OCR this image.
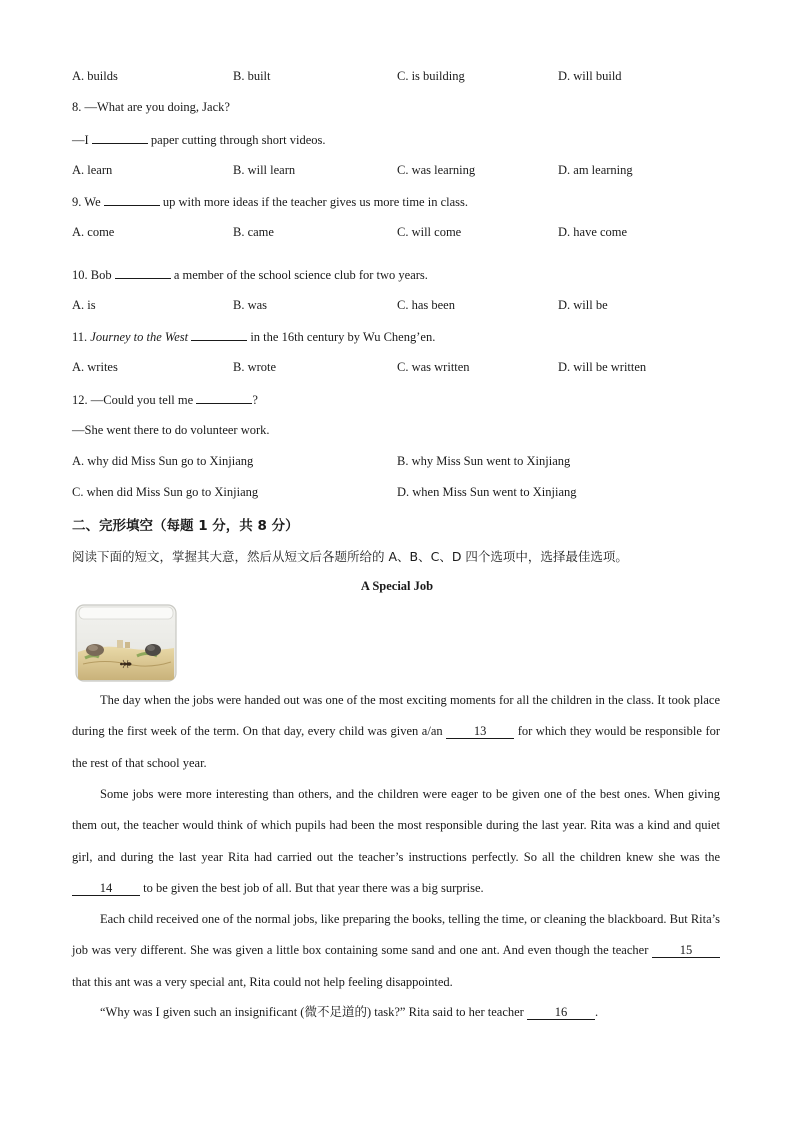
A. builds	B. built	C. is building	D. will build
8. —What are you doing, Jack?
—I	paper cutting through short videos.
A. learn	B. will learn	C. was learning	D. am learning
9. We	up with more ideas if the teacher gives us more time in class.
A. come	B. came	C. will come	D. have come
10. Bob	a member of the school science club for two years.
A. is	B. was	C. has been	D. will be
11. Journey to the West	in the 16th century by Wu Cheng’en.
A. writes	B. wrote	C. was written	D. will be written
12. —Could you tell me	?
—She went there to do volunteer work.
A. why did Miss Sun go to Xinjiang	B. why Miss Sun went to Xinjiang
C. when did Miss Sun go to Xinjiang	D. when Miss Sun went to Xinjiang
二、完形填空（每题 1 分，共 8 分）
阅读下面的短文，掌握其大意，然后从短文后各题所给的 A、B、C、D 四个选项中，选择最佳选项。
A Special Job
The day when the jobs were handed out was one of the most exciting moments for all the children in the class. It took place during the first week of the term. On that day, every child was given a/an	13	for which they would be responsible for the rest of that school year.
Some jobs were more interesting than others, and the children were eager to be given one of the best ones. When giving them out, the teacher would think of which pupils had been the most responsible during the last year. Rita was a kind and quiet girl, and during the last year Rita had carried out the teacher’s instructions perfectly. So all the children knew she was the 14 to be given the best job of all. But that year there was a big surprise.
Each child received one of the normal jobs, like preparing the books, telling the time, or cleaning the blackboard. But Rita’s job was very different. She was given a little box containing some sand and one ant. And even though the teacher	15 that this ant was a very special ant, Rita could not help feeling disappointed.
“Why was I given such an insignificant (微不足道的) task?” Rita said to her teacher 16 .
